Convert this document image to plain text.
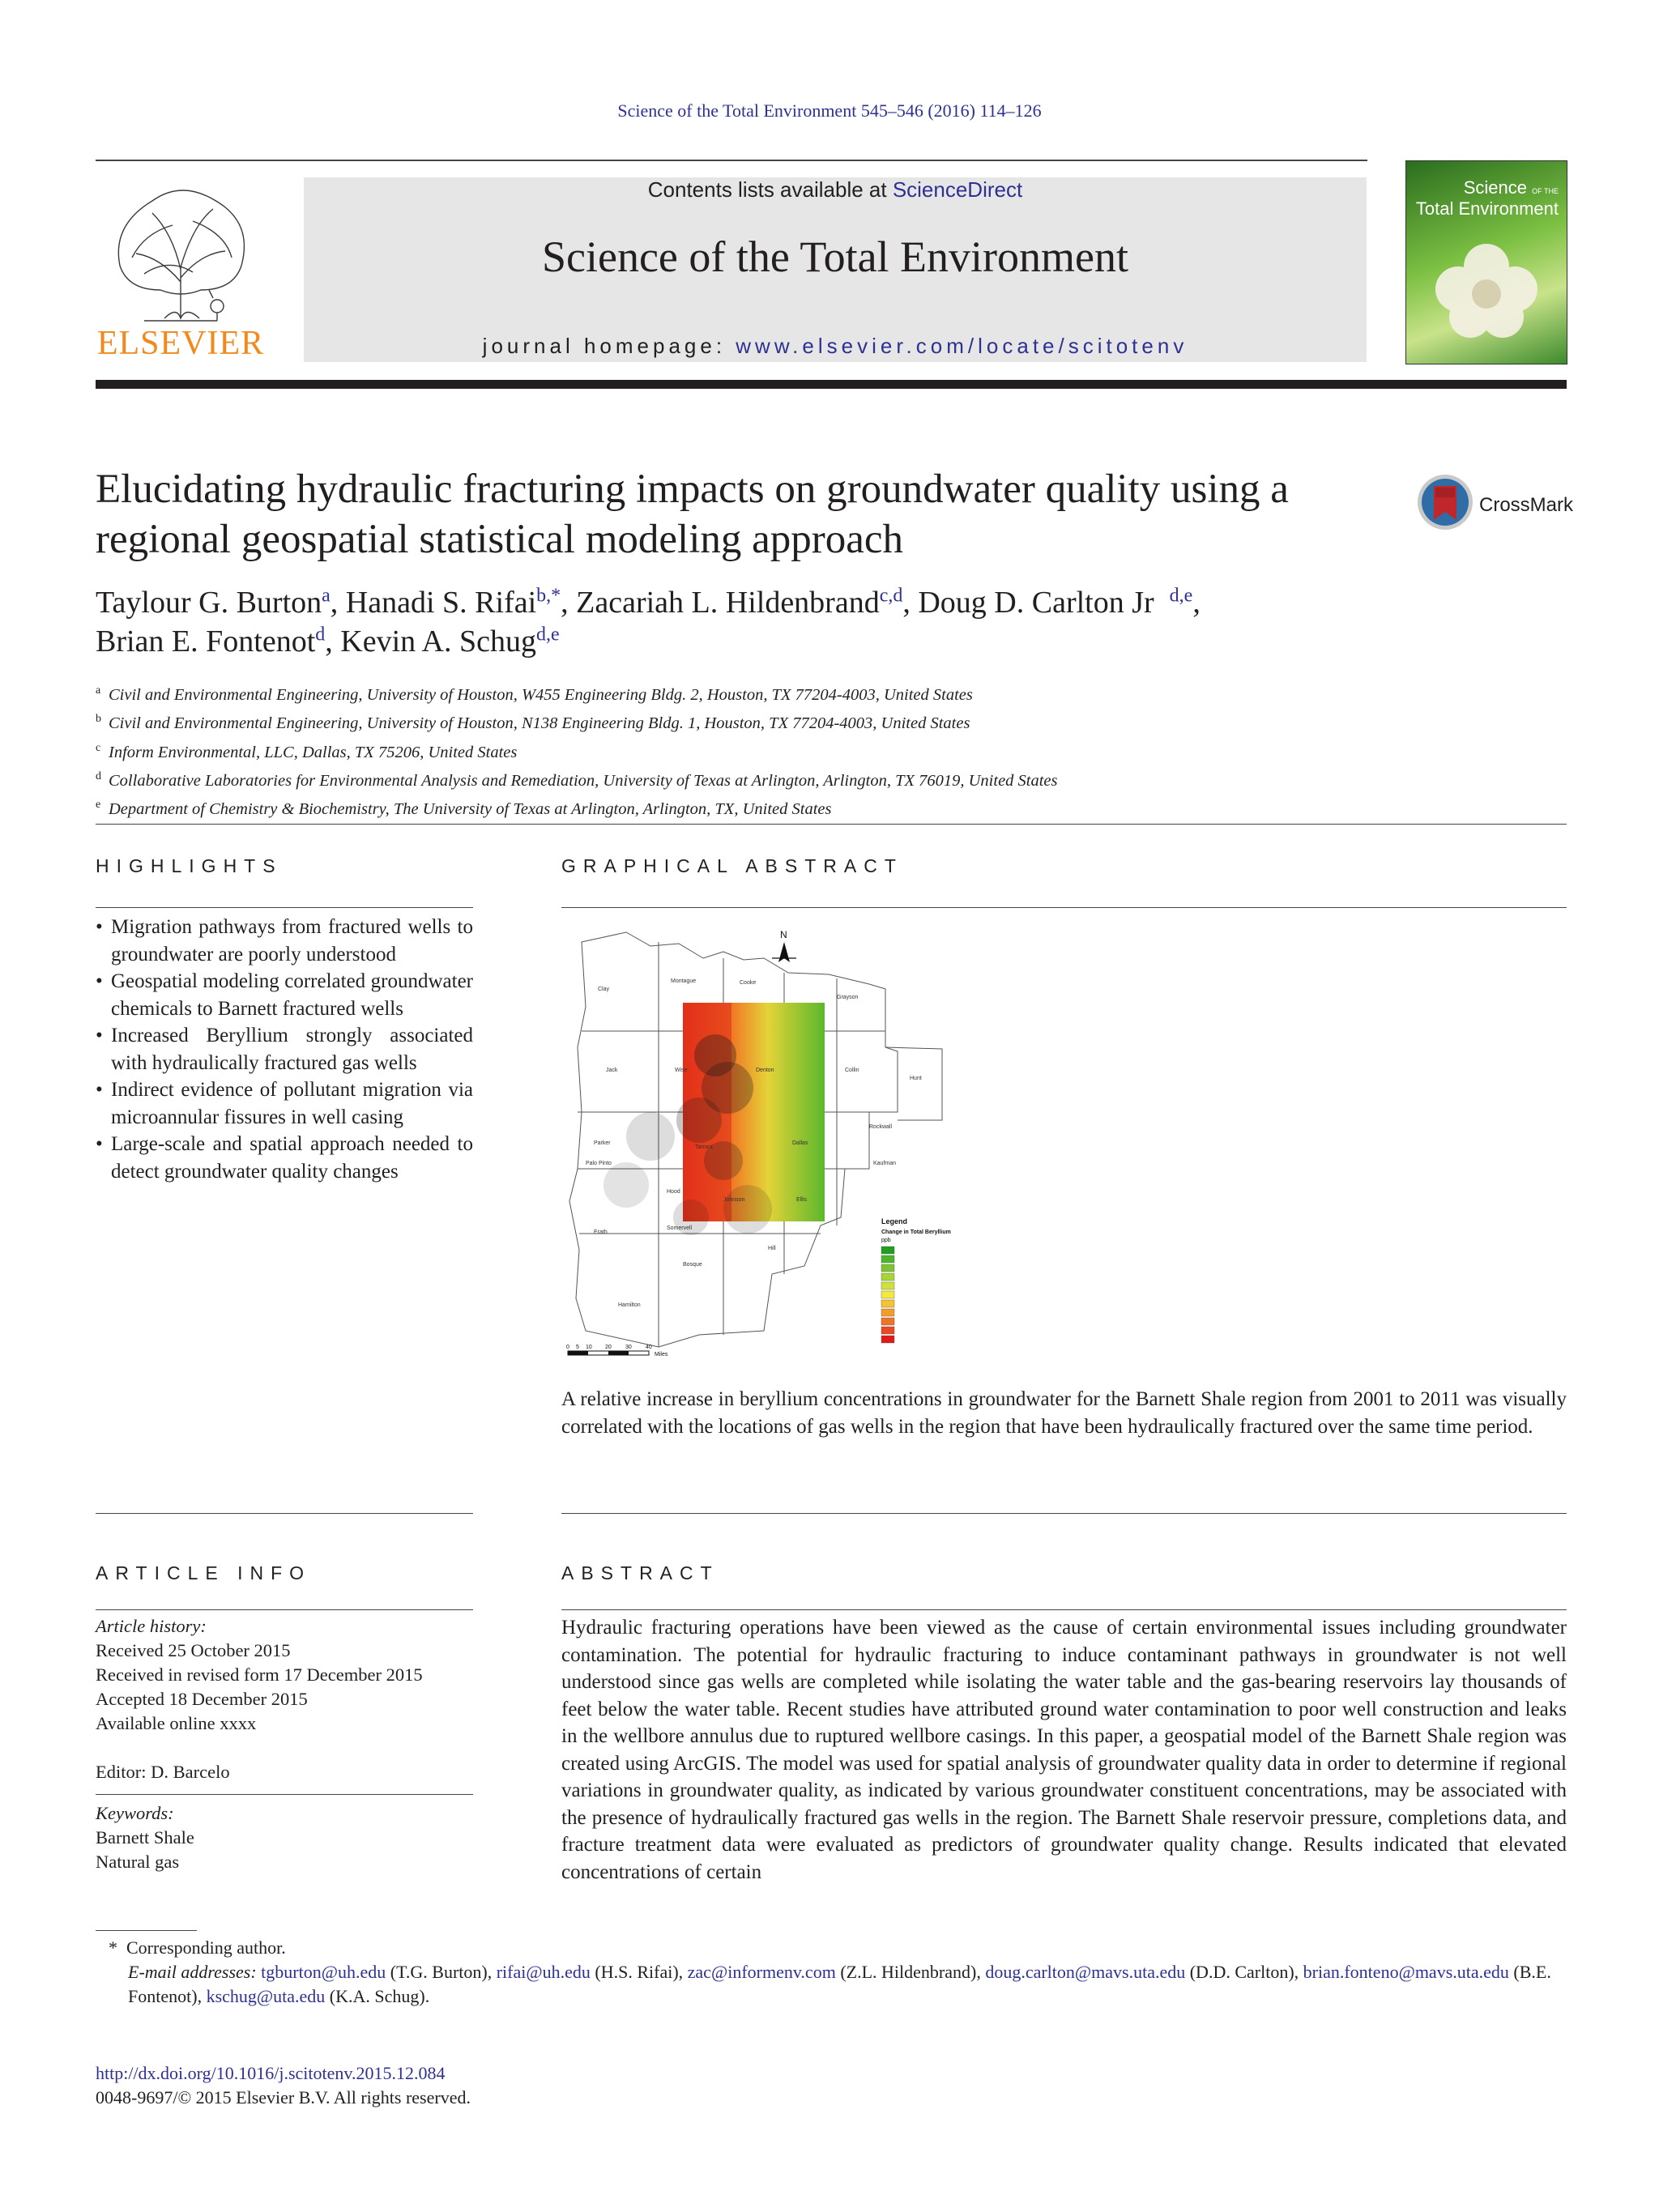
Science of the Total Environment 545–546 (2016) 114–126
ELSEVIER
Contents lists available at ScienceDirect
Science of the Total Environment
journal homepage: www.elsevier.com/locate/scitotenv
Science OF THE
Total Environment
Elucidating hydraulic fracturing impacts on groundwater quality using a regional geospatial statistical modeling approach
CrossMark
Taylour G. Burton$^a$, Hanadi S. Rifai$^{b,*}$, Zacariah L. Hildenbrand$^{c,d}$, Doug D. Carlton Jr $^{d,e}$,
Brian E. Fontenot$^d$, Kevin A. Schug$^{d,e}$
a Civil and Environmental Engineering, University of Houston, W455 Engineering Bldg. 2, Houston, TX 77204-4003, United States
b Civil and Environmental Engineering, University of Houston, N138 Engineering Bldg. 1, Houston, TX 77204-4003, United States
c Inform Environmental, LLC, Dallas, TX 75206, United States
d Collaborative Laboratories for Environmental Analysis and Remediation, University of Texas at Arlington, Arlington, TX 76019, United States
e Department of Chemistry & Biochemistry, The University of Texas at Arlington, Arlington, TX, United States
HIGHLIGHTS	GRAPHICAL ABSTRACT
• Migration pathways from fractured wells to groundwater are poorly understood
• Geospatial modeling correlated groundwater chemicals to Barnett fractured wells
• Increased Beryllium strongly associated with hydraulically fractured gas wells
• Indirect evidence of pollutant migration via microannular fissures in well casing
• Large-scale and spatial approach needed to detect groundwater quality changes
N
Clay
Montague	Cooke
Grayson
Jack	Wise	Denton	Collin
Hunt
Rockwall
Parker
Tarrant
Dallas
Kaufman
Palo Pinto
Erath
Hood
Johnson	Ellis
Somervell
Bosque
Hill
Hamilton
Legend
Change in Total Beryllium
ppb
0 5 10 20 30 40
Miles
A relative increase in beryllium concentrations in groundwater for the Barnett Shale region from 2001 to 2011 was visually correlated with the locations of gas wells in the region that have been hydraulically fractured over the same time period.
ARTICLE INFO	ABSTRACT
Article history:
Received 25 October 2015
Received in revised form 17 December 2015
Accepted 18 December 2015
Available online xxxx
Editor: D. Barcelo
Keywords:
Barnett Shale
Natural gas
Hydraulic fracturing operations have been viewed as the cause of certain environmental issues including groundwater contamination. The potential for hydraulic fracturing to induce contaminant pathways in groundwater is not well understood since gas wells are completed while isolating the water table and the gas-bearing reservoirs lay thousands of feet below the water table. Recent studies have attributed ground water contamination to poor well construction and leaks in the wellbore annulus due to ruptured wellbore casings. In this paper, a geospatial model of the Barnett Shale region was created using ArcGIS. The model was used for spatial analysis of groundwater quality data in order to determine if regional variations in groundwater quality, as indicated by various groundwater constituent concentrations, may be associated with the presence of hydraulically fractured gas wells in the region. The Barnett Shale reservoir pressure, completions data, and fracture treatment data were evaluated as predictors of groundwater quality change. Results indicated that elevated concentrations of certain
* Corresponding author.
E-mail addresses: tgburton@uh.edu (T.G. Burton), rifai@uh.edu (H.S. Rifai), zac@informenv.com (Z.L. Hildenbrand), doug.carlton@mavs.uta.edu (D.D. Carlton), brian.fonteno@mavs.uta.edu (B.E. Fontenot), kschug@uta.edu (K.A. Schug).
http://dx.doi.org/10.1016/j.scitotenv.2015.12.084
0048-9697/© 2015 Elsevier B.V. All rights reserved.
